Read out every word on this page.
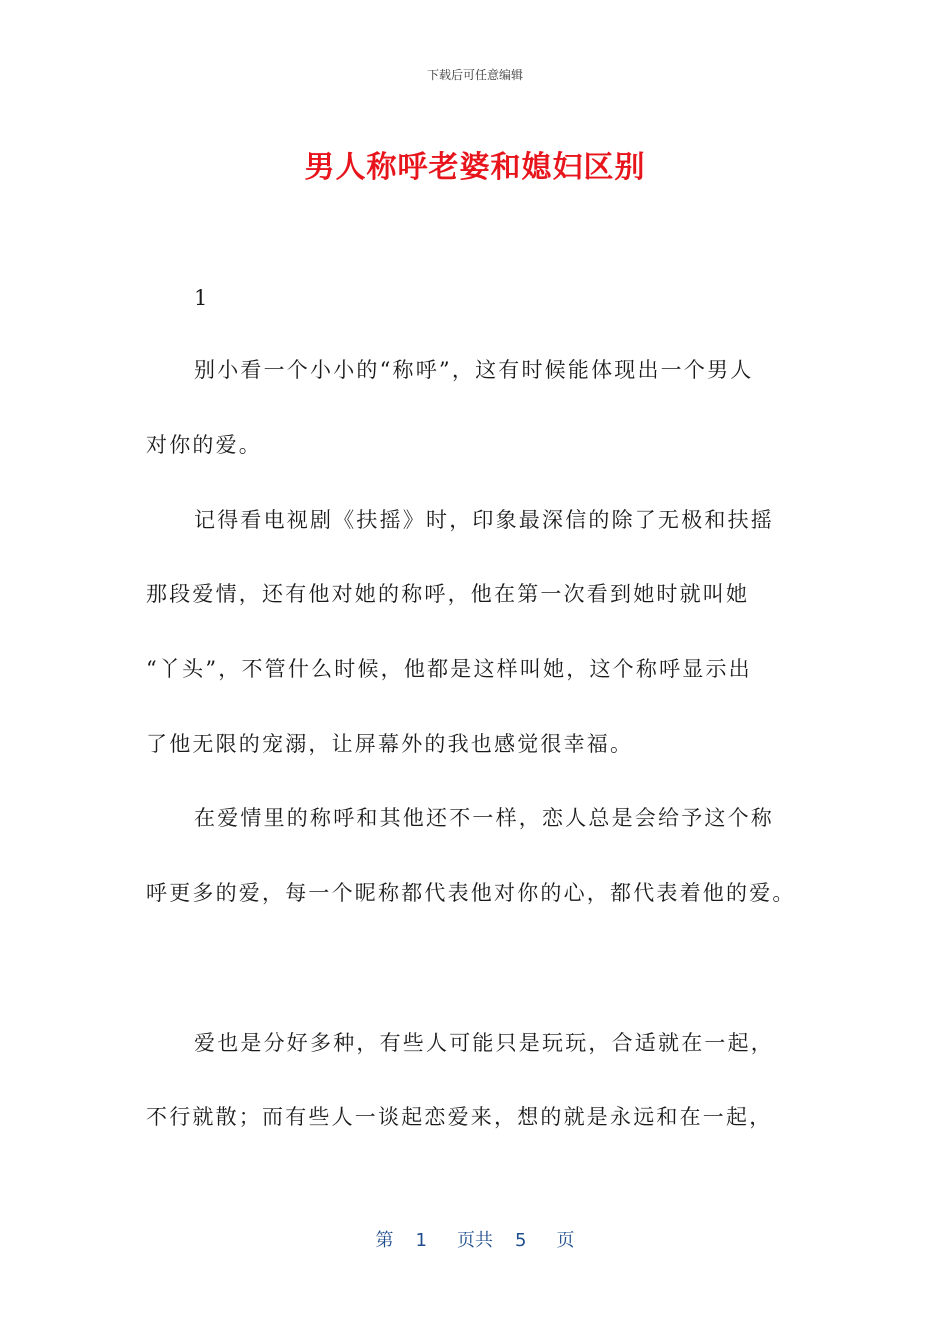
下载后可任意编辑
男人称呼老婆和媳妇区别
1
别小看一个小小的“称呼”，这有时候能体现出一个男人
对你的爱。
记得看电视剧《扶摇》时，印象最深信的除了无极和扶摇
那段爱情，还有他对她的称呼，他在第一次看到她时就叫她
“丫头”，不管什么时候，他都是这样叫她，这个称呼显示出
了他无限的宠溺，让屏幕外的我也感觉很幸福。
在爱情里的称呼和其他还不一样，恋人总是会给予这个称
呼更多的爱，每一个昵称都代表他对你的心，都代表着他的爱。
爱也是分好多种，有些人可能只是玩玩，合适就在一起，
不行就散；而有些人一谈起恋爱来，想的就是永远和在一起，
第 1 页共 5 页
